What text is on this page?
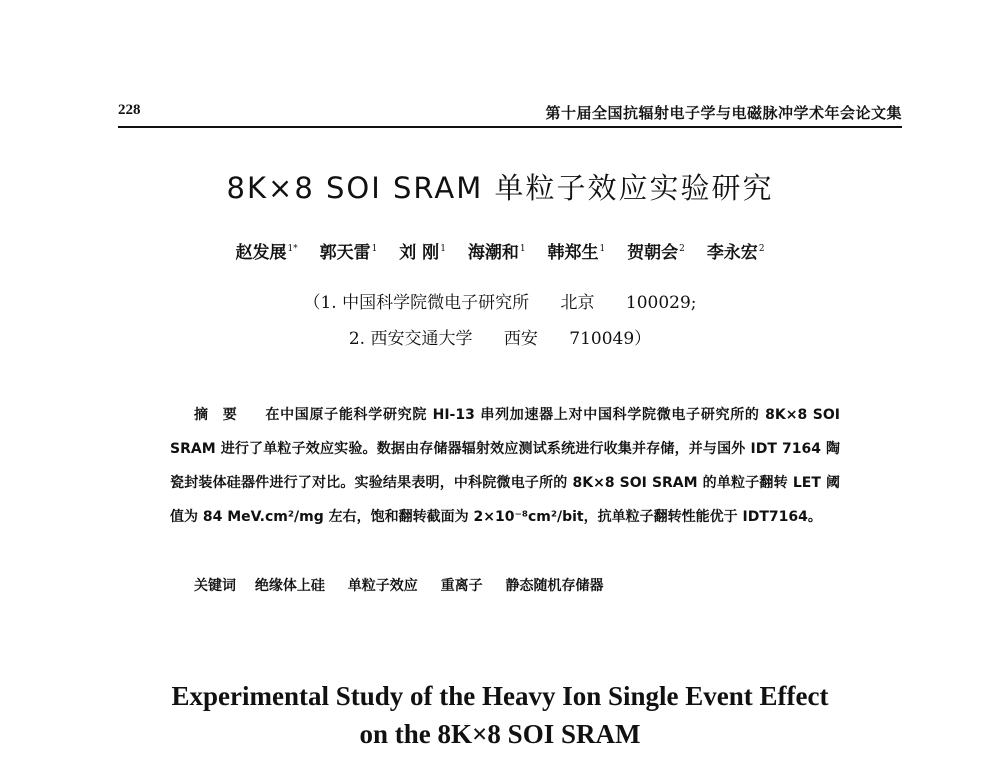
228	第十届全国抗辐射电子学与电磁脉冲学术年会论文集
8K×8 SOI SRAM 单粒子效应实验研究
赵发展$^{1*}$ 郭天雷$^1$ 刘 刚$^1$ 海潮和$^1$ 韩郑生$^1$ 贺朝会$^2$ 李永宏$^2$
（1. 中国科学院微电子研究所 北京 100029;
2. 西安交通大学 西安 710049）
摘要 在中国原子能科学研究院 HI-13 串列加速器上对中国科学院微电子研究所的 8K×8 SOI SRAM 进行了单粒子效应实验。数据由存储器辐射效应测试系统进行收集并存储，并与国外 IDT 7164 陶瓷封装体硅器件进行了对比。实验结果表明，中科院微电子所的 8K×8 SOI SRAM 的单粒子翻转 LET 阈值为 84 MeV.cm²/mg 左右，饱和翻转截面为 2×10⁻⁸cm²/bit，抗单粒子翻转性能优于 IDT7164。
关键词 绝缘体上硅 单粒子效应 重离子 静态随机存储器
Experimental Study of the Heavy Ion Single Event Effect
on the 8K×8 SOI SRAM
